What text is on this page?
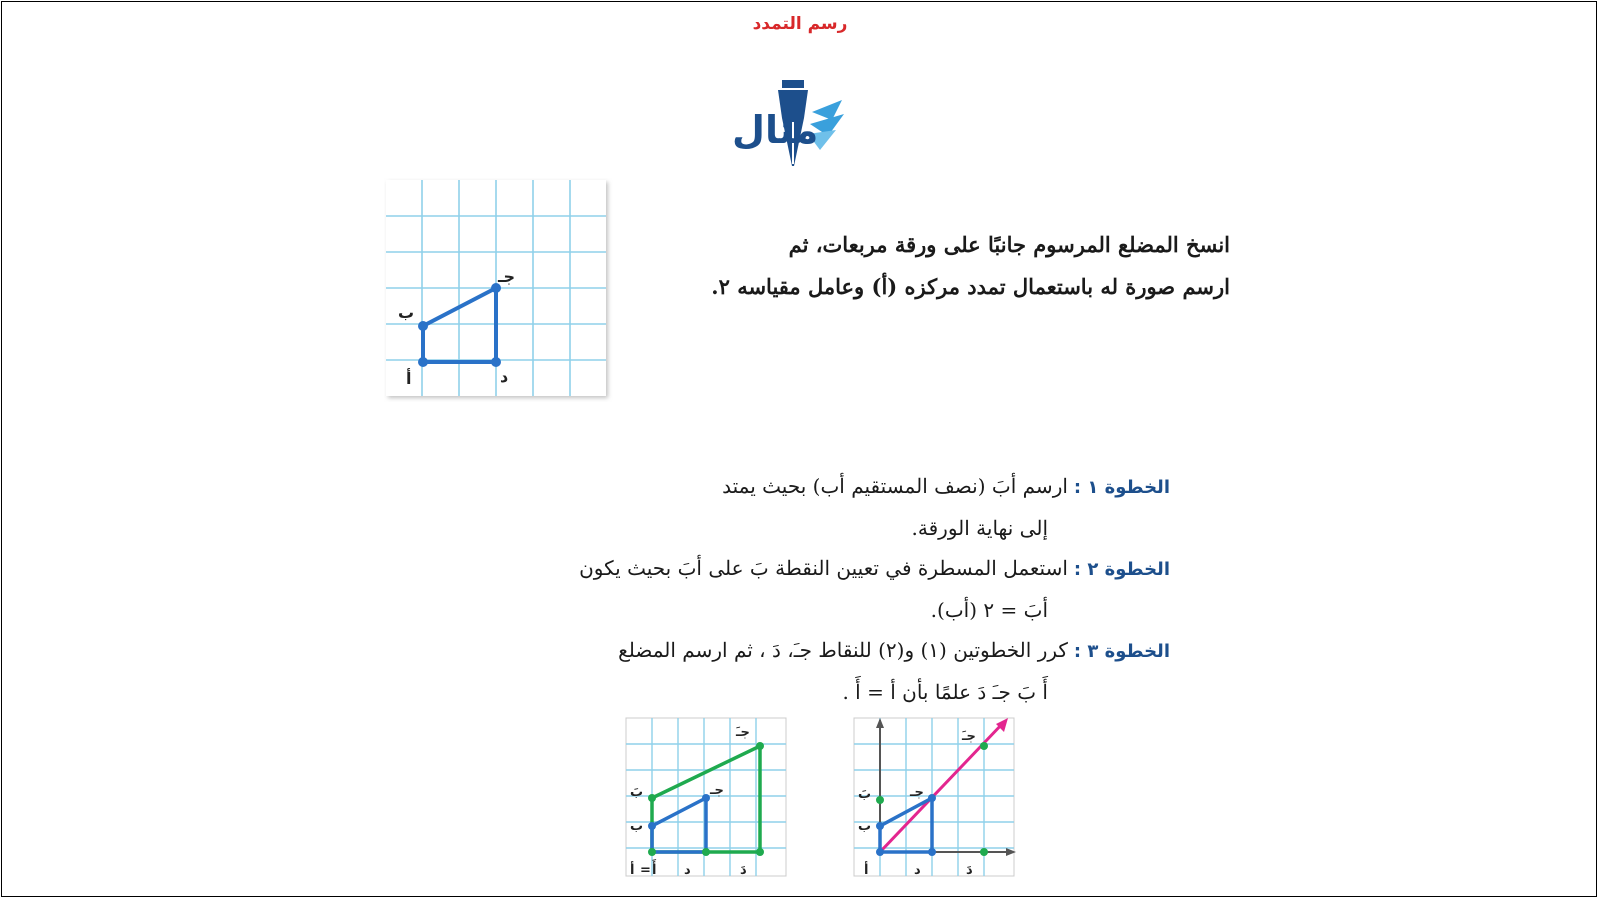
رسم التمدد
مثال
أ
ب
جـ
د
انسخ المضلع المرسوم جانبًا على ورقة مربعات، ثم
ارسم صورة له باستعمال تمدد مركزه (أ) وعامل مقياسه ٢.
الخطوة ١ :ارسم أبَ (نصف المستقيم أب) بحيث يمتد
إلى نهاية الورقة.
الخطوة ٢ :استعمل المسطرة في تعيين النقطة بَ على أبَ بحيث يكون
أبَ = ٢ (أب).
الخطوة ٣ :كرر الخطوتين (١) و(٢) للنقاط جـَ، دَ ، ثم ارسم المضلع
أَ بَ جـَ دَ علمًا بأن أ = أَ .
أ
ب
بَ	جـ
جـَ
د	دَ
أ = أَ
ب
بَ	جـ
جـَ
د	دَ
